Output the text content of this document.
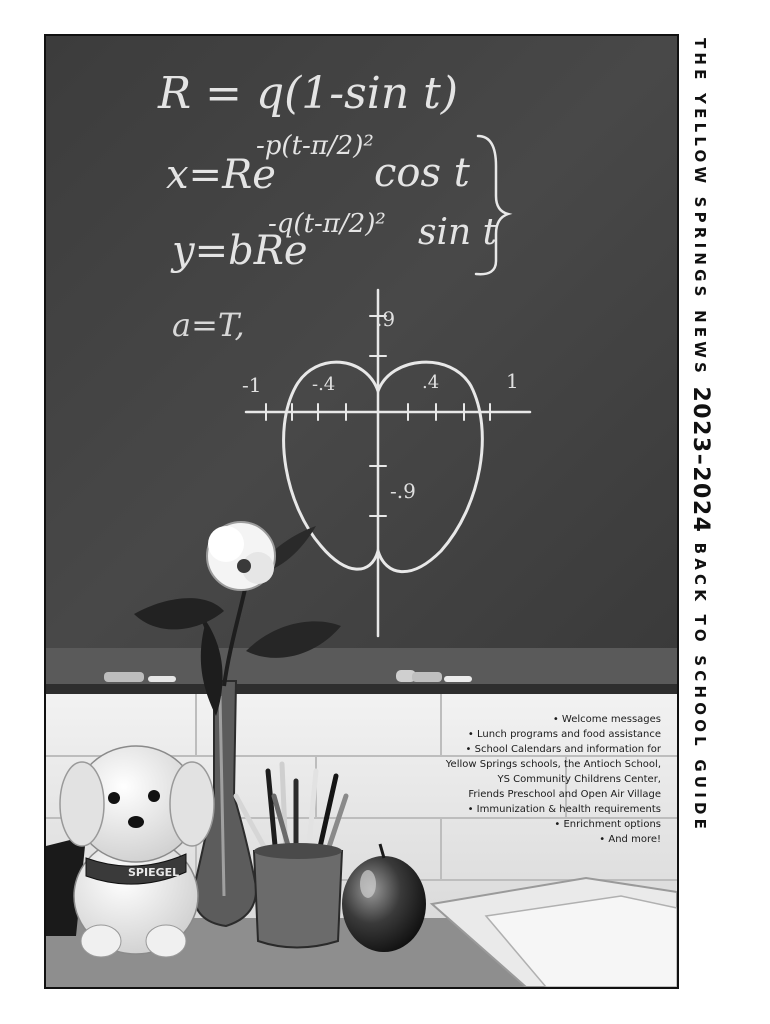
R = q(1-sin t)
x=Re
-p(t-π/2)²
cos t
y=bRe
-q(t-π/2)² sin t
a=T,	.9
-1	-.4	.4	1
-.9
SPIEGEL
• Welcome messages
• Lunch programs and food assistance
• School Calendars and information for
Yellow Springs schools, the Antioch School,
YS Community Childrens Center,
Friends Preschool and Open Air Village
• Immunization & health requirements
• Enrichment options
• And more!
THE YELLOW SPRINGS NEWS 2023–2024 BACK TO SCHOOL GUIDE
